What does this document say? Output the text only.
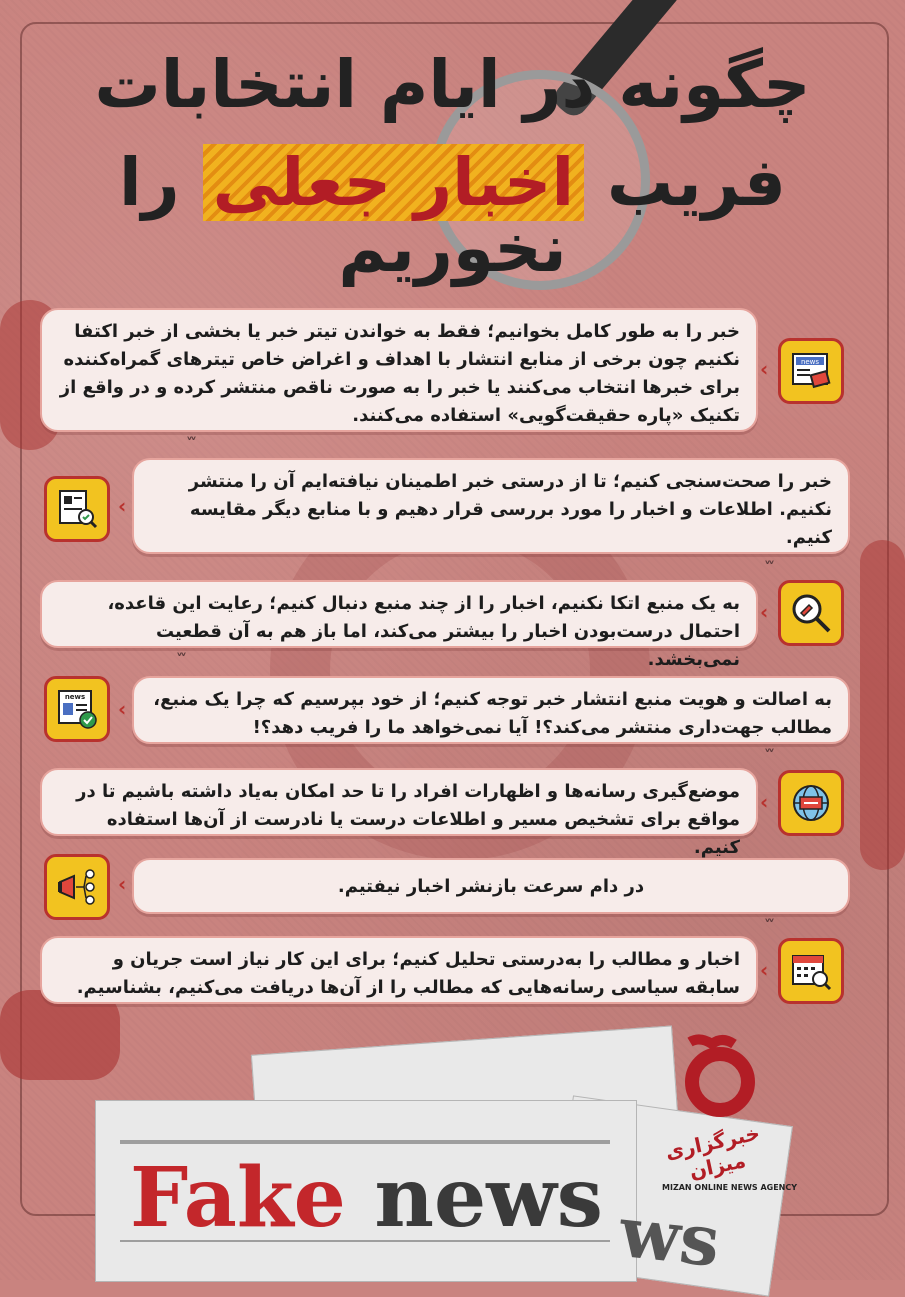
چگونه در ایام انتخابات
فریب اخبار جعلی را نخوریم
خبر را به طور کامل بخوانیم؛ فقط به خواندن تیتر خبر یا بخشی از خبر اکتفا نکنیم چون برخی از منابع انتشار با اهداف و اغراض خاص تیترهای گمراه‌کننده برای خبرها انتخاب می‌کنند یا خبر را به صورت ناقص منتشر کرده و در واقع از تکنیک «پاره حقیقت‌گویی» استفاده می‌کنند.
‹	news
˅˅
خبر را صحت‌سنجی کنیم؛ تا از درستی خبر اطمینان نیافته‌ایم آن را منتشر نکنیم. اطلاعات و اخبار را مورد بررسی قرار دهیم و با منابع دیگر مقایسه کنیم.
‹
˅˅
به یک منبع اتکا نکنیم، اخبار را از چند منبع دنبال کنیم؛ رعایت این قاعده، احتمال درست‌بودن اخبار را بیشتر می‌کند، اما باز هم به آن قطعیت نمی‌بخشد.
‹
˅˅
به اصالت و هویت منبع انتشار خبر توجه کنیم؛ از خود بپرسیم که چرا یک منبع، مطالب جهت‌داری منتشر می‌کند؟! آیا نمی‌خواهد ما را فریب دهد؟!
‹
news
˅˅
موضع‌گیری رسانه‌ها و اظهارات افراد را تا حد امکان به‌یاد داشته باشیم تا در مواقع برای تشخیص مسیر و اطلاعات درست یا نادرست از آن‌ها استفاده کنیم.
‹
در دام سرعت بازنشر اخبار نیفتیم.
‹
˅˅
اخبار و مطالب را به‌درستی تحلیل کنیم؛ برای این کار نیاز است جریان و سابقه سیاسی رسانه‌هایی که مطالب را از آن‌ها دریافت می‌کنیم، بشناسیم.
‹
ws
Fake news
خبرگزاری میزان
MIZAN ONLINE NEWS AGENCY
